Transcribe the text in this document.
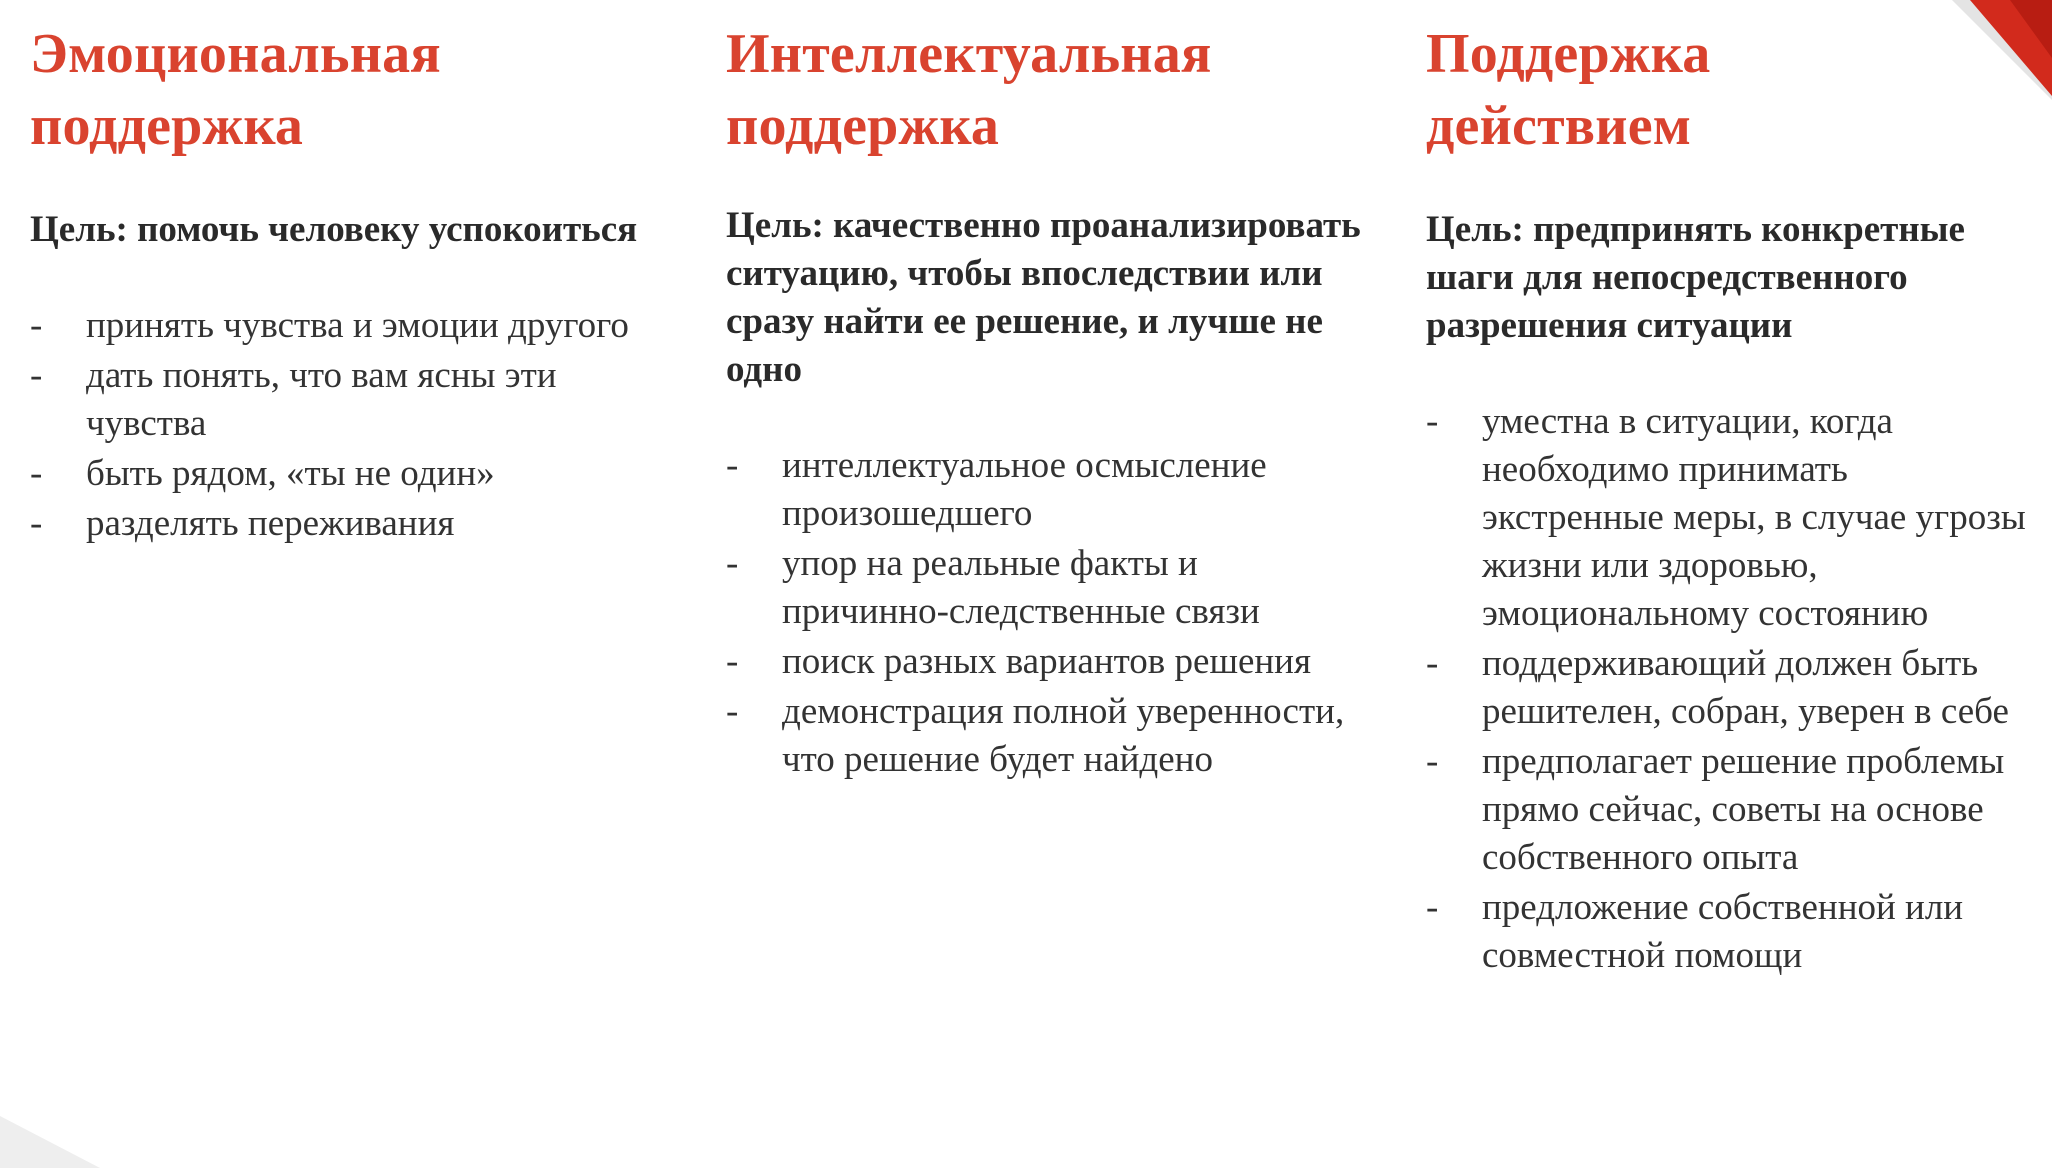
Эмоциональная
поддержка

Цель: помочь человеку успокоиться

-	принять чувства и эмоции другого
-	дать понять, что вам ясны эти чувства
-	быть рядом, «ты не один»
-	разделять переживания
Интеллектуальная
поддержка

Цель: качественно проанализировать ситуацию, чтобы впоследствии или сразу найти ее решение, и лучше не одно

-	интеллектуальное осмысление произошедшего
-	упор на реальные факты и причинно-следственные связи
-	поиск разных вариантов решения
-	демонстрация полной уверенности, что решение будет найдено
Поддержка
действием

Цель: предпринять конкретные шаги для непосредственного разрешения ситуации

-	уместна в ситуации, когда необходимо принимать экстренные меры, в случае угрозы жизни или здоровью, эмоциональному состоянию
-	поддерживающий должен быть решителен, собран, уверен в себе
-	предполагает решение проблемы прямо сейчас, советы на основе собственного опыта
-	предложение собственной или совместной помощи
